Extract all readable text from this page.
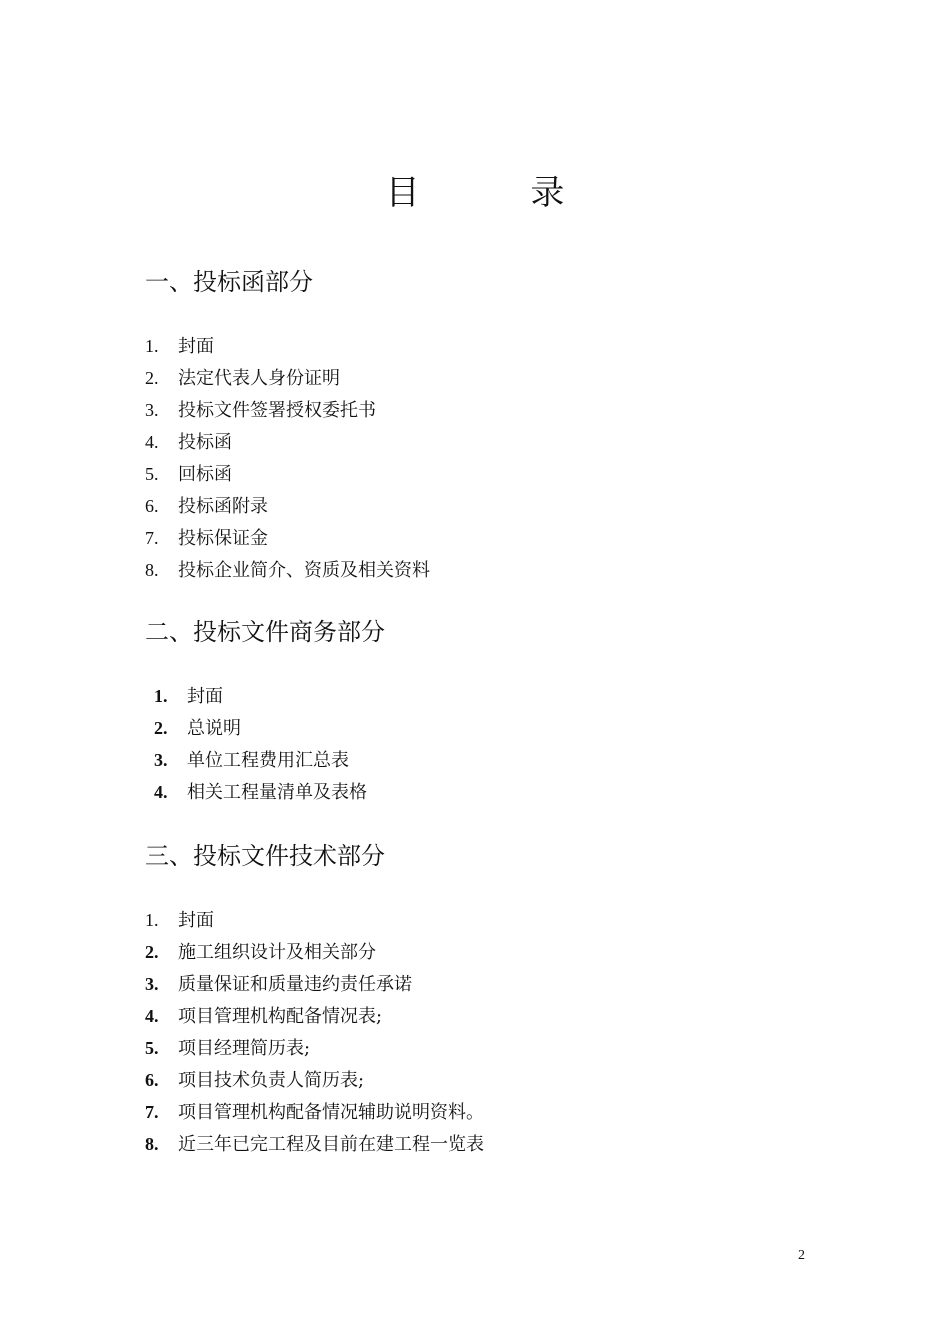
目 录
一、投标函部分
1. 封面
2. 法定代表人身份证明
3. 投标文件签署授权委托书
4. 投标函
5. 回标函
6. 投标函附录
7. 投标保证金
8. 投标企业简介、资质及相关资料
二、投标文件商务部分
1. 封面
2. 总说明
3. 单位工程费用汇总表
4. 相关工程量清单及表格
三、投标文件技术部分
1. 封面
2. 施工组织设计及相关部分
3. 质量保证和质量违约责任承诺
4. 项目管理机构配备情况表;
5. 项目经理简历表;
6. 项目技术负责人简历表;
7. 项目管理机构配备情况辅助说明资料。
8. 近三年已完工程及目前在建工程一览表
2
